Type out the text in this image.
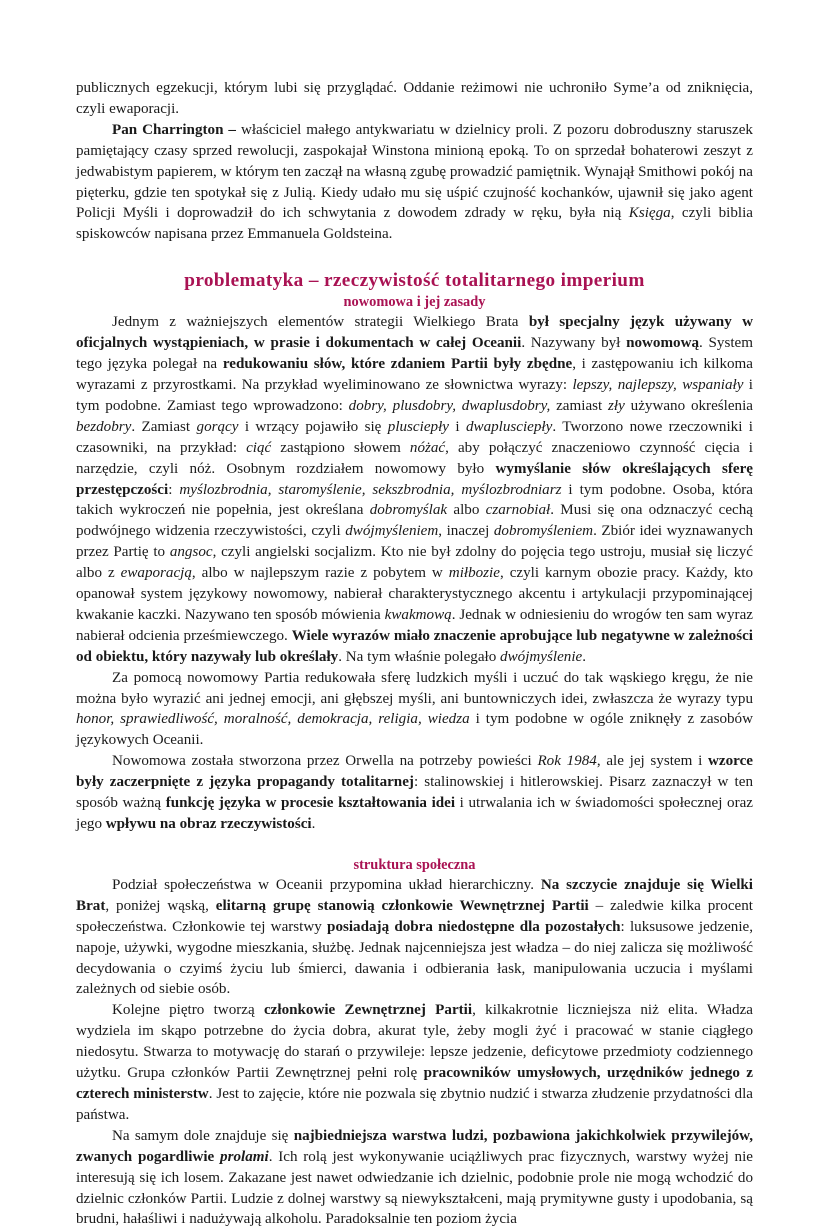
publicznych egzekucji, którym lubi się przyglądać. Oddanie reżimowi nie uchroniło Syme’a od zniknięcia, czyli ewaporacji.

Pan Charrington – właściciel małego antykwariatu w dzielnicy proli. Z pozoru dobroduszny staruszek pamiętający czasy sprzed rewolucji, zaspokajał Winstona minioną epoką. To on sprzedał bohaterowi zeszyt z jedwabistym papierem, w którym ten zaczął na własną zgubę prowadzić pamiętnik. Wynajął Smithowi pokój na pięterku, gdzie ten spotykał się z Julią. Kiedy udało mu się uśpić czujność kochanków, ujawnił się jako agent Policji Myśli i doprowadził do ich schwytania z dowodem zdrady w ręku, była nią Księga, czyli biblia spiskowców napisana przez Emmanuela Goldsteina.

problematyka – rzeczywistość totalitarnego imperium
nowomowa i jej zasady

Jednym z ważniejszych elementów strategii Wielkiego Brata był specjalny język używany w oficjalnych wystąpieniach, w prasie i dokumentach w całej Oceanii. Nazywany był nowomową. System tego języka polegał na redukowaniu słów, które zdaniem Partii były zbędne, i zastępowaniu ich kilkoma wyrazami z przyrostkami. Na przykład wyeliminowano ze słownictwa wyrazy: lepszy, najlepszy, wspaniały i tym podobne. Zamiast tego wprowadzono: dobry, plusdobry, dwaplusdobry, zamiast zły używano określenia bezdobry. Zamiast gorący i wrzący pojawiło się plusciepły i dwaplusciepły. Tworzono nowe rzeczowniki i czasowniki, na przykład: ciąć zastąpiono słowem nóżać, aby połączyć znaczeniowo czynność cięcia i narzędzie, czyli nóż. Osobnym rozdziałem nowomowy było wymyślanie słów określających sferę przestępczości: myślozbrodnia, staromyślenie, sekszbrodnia, myślozbrodniarz i tym podobne. Osoba, która takich wykroczeń nie popełnia, jest określana dobromyślak albo czarnobiał. Musi się ona odznaczyć cechą podwójnego widzenia rzeczywistości, czyli dwójmyśleniem, inaczej dobromyśleniem. Zbiór idei wyznawanych przez Partię to angsoc, czyli angielski socjalizm. Kto nie był zdolny do pojęcia tego ustroju, musiał się liczyć albo z ewaporacją, albo w najlepszym razie z pobytem w miłbozie, czyli karnym obozie pracy. Każdy, kto opanował system językowy nowomowy, nabierał charakterystycznego akcentu i artykulacji przypominającej kwakanie kaczki. Nazywano ten sposób mówienia kwakmową. Jednak w odniesieniu do wrogów ten sam wyraz nabierał odcienia prześmiewczego. Wiele wyrazów miało znaczenie aprobujące lub negatywne w zależności od obiektu, który nazywały lub określały. Na tym właśnie polegało dwójmyślenie.

Za pomocą nowomowy Partia redukowała sferę ludzkich myśli i uczuć do tak wąskiego kręgu, że nie można było wyrazić ani jednej emocji, ani głębszej myśli, ani buntowniczych idei, zwłaszcza że wyrazy typu honor, sprawiedliwość, moralność, demokracja, religia, wiedza i tym podobne w ogóle zniknęły z zasobów językowych Oceanii.

Nowomowa została stworzona przez Orwella na potrzeby powieści Rok 1984, ale jej system i wzorce były zaczerpnięte z języka propagandy totalitarnej: stalinowskiej i hitlerowskiej. Pisarz zaznaczył w ten sposób ważną funkcję języka w procesie kształtowania idei i utrwalania ich w świadomości społecznej oraz jego wpływu na obraz rzeczywistości.

struktura społeczna

Podział społeczeństwa w Oceanii przypomina układ hierarchiczny. Na szczycie znajduje się Wielki Brat, poniżej wąską, elitarną grupę stanowią członkowie Wewnętrznej Partii – zaledwie kilka procent społeczeństwa. Członkowie tej warstwy posiadają dobra niedostępne dla pozostałych: luksusowe jedzenie, napoje, używki, wygodne mieszkania, służbę. Jednak najcenniejsza jest władza – do niej zalicza się możliwość decydowania o czyimś życiu lub śmierci, dawania i odbierania łask, manipulowania uczucia i myślami zależnych od siebie osób.

Kolejne piętro tworzą członkowie Zewnętrznej Partii, kilkakrotnie liczniejsza niż elita. Władza wydziela im skąpo potrzebne do życia dobra, akurat tyle, żeby mogli żyć i pracować w stanie ciągłego niedosytu. Stwarza to motywację do starań o przywileje: lepsze jedzenie, deficytowe przedmioty codziennego użytku. Grupa członków Partii Zewnętrznej pełni rolę pracowników umysłowych, urzędników jednego z czterech ministerstw. Jest to zajęcie, które nie pozwala się zbytnio nudzić i stwarza złudzenie przydatności dla państwa.

Na samym dole znajduje się najbiedniejsza warstwa ludzi, pozbawiona jakichkolwiek przywilejów, zwanych pogardliwie prolami. Ich rolą jest wykonywanie uciążliwych prac fizycznych, warstwy wyżej nie interesują się ich losem. Zakazane jest nawet odwiedzanie ich dzielnic, podobnie prole nie mogą wchodzić do dzielnic członków Partii. Ludzie z dolnej warstwy są niewykształceni, mają prymitywne gusty i upodobania, są brudni, hałaśliwi i nadużywają alkoholu. Paradoksalnie ten poziom życia
